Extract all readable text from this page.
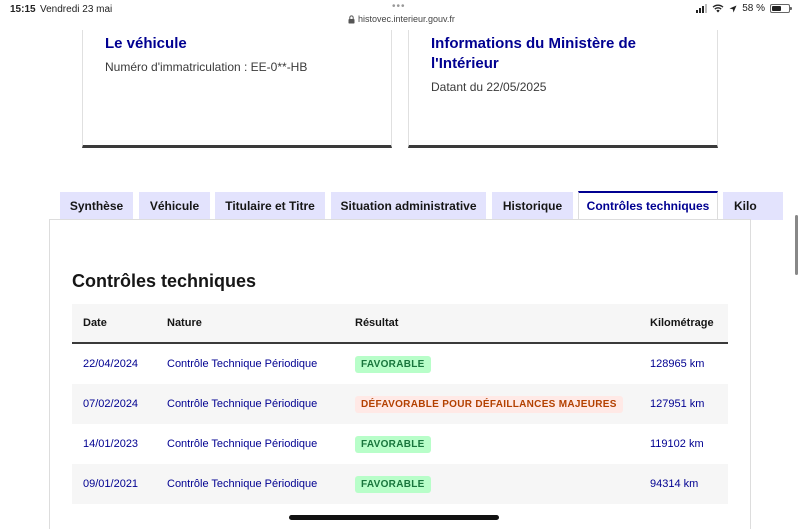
15:15 Vendredi 23 mai	•••
histovec.interieur.gouv.fr
58 %
Le véhicule
Numéro d'immatriculation : EE-0**-HB
Informations du Ministère de l'Intérieur
Datant du 22/05/2025
Synthèse	Véhicule	Titulaire et Titre	Situation administrative	Historique	Contrôles techniques	Kilo
Contrôles techniques
Date	Nature	Résultat	Kilométrage
22/04/2024	Contrôle Technique Périodique	FAVORABLE	128965 km
07/02/2024	Contrôle Technique Périodique	DÉFAVORABLE POUR DÉFAILLANCES MAJEURES	127951 km
14/01/2023	Contrôle Technique Périodique	FAVORABLE	119102 km
09/01/2021	Contrôle Technique Périodique	FAVORABLE	94314 km
